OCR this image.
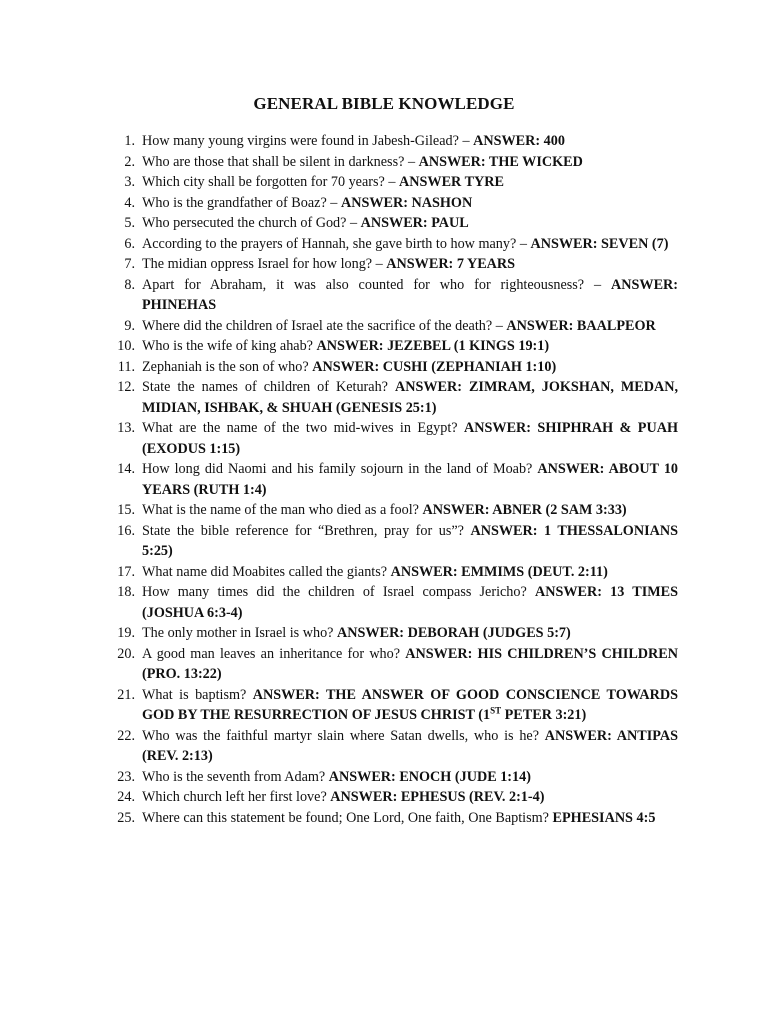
GENERAL BIBLE KNOWLEDGE
1. How many young virgins were found in Jabesh-Gilead? – ANSWER: 400
2. Who are those that shall be silent in darkness? – ANSWER: THE WICKED
3. Which city shall be forgotten for 70 years? – ANSWER TYRE
4. Who is the grandfather of Boaz? – ANSWER: NASHON
5. Who persecuted the church of God? – ANSWER: PAUL
6. According to the prayers of Hannah, she gave birth to how many? – ANSWER: SEVEN (7)
7. The midian oppress Israel for how long? – ANSWER: 7 YEARS
8. Apart for Abraham, it was also counted for who for righteousness? – ANSWER: PHINEHAS
9. Where did the children of Israel ate the sacrifice of the death? – ANSWER: BAALPEOR
10. Who is the wife of king ahab? ANSWER: JEZEBEL (1 KINGS 19:1)
11. Zephaniah is the son of who? ANSWER: CUSHI (ZEPHANIAH 1:10)
12. State the names of children of Keturah? ANSWER: ZIMRAM, JOKSHAN, MEDAN, MIDIAN, ISHBAK, & SHUAH (GENESIS 25:1)
13. What are the name of the two mid-wives in Egypt? ANSWER: SHIPHRAH & PUAH (EXODUS 1:15)
14. How long did Naomi and his family sojourn in the land of Moab? ANSWER: ABOUT 10 YEARS (RUTH 1:4)
15. What is the name of the man who died as a fool? ANSWER: ABNER (2 SAM 3:33)
16. State the bible reference for “Brethren, pray for us”? ANSWER: 1 THESSALONIANS 5:25)
17. What name did Moabites called the giants? ANSWER: EMMIMS (DEUT. 2:11)
18. How many times did the children of Israel compass Jericho? ANSWER: 13 TIMES (JOSHUA 6:3-4)
19. The only mother in Israel is who? ANSWER: DEBORAH (JUDGES 5:7)
20. A good man leaves an inheritance for who? ANSWER: HIS CHILDREN’S CHILDREN (PRO. 13:22)
21. What is baptism? ANSWER: THE ANSWER OF GOOD CONSCIENCE TOWARDS GOD BY THE RESURRECTION OF JESUS CHRIST (1ST PETER 3:21)
22. Who was the faithful martyr slain where Satan dwells, who is he? ANSWER: ANTIPAS (REV. 2:13)
23. Who is the seventh from Adam? ANSWER: ENOCH (JUDE 1:14)
24. Which church left her first love? ANSWER: EPHESUS (REV. 2:1-4)
25. Where can this statement be found; One Lord, One faith, One Baptism? EPHESIANS 4:5
